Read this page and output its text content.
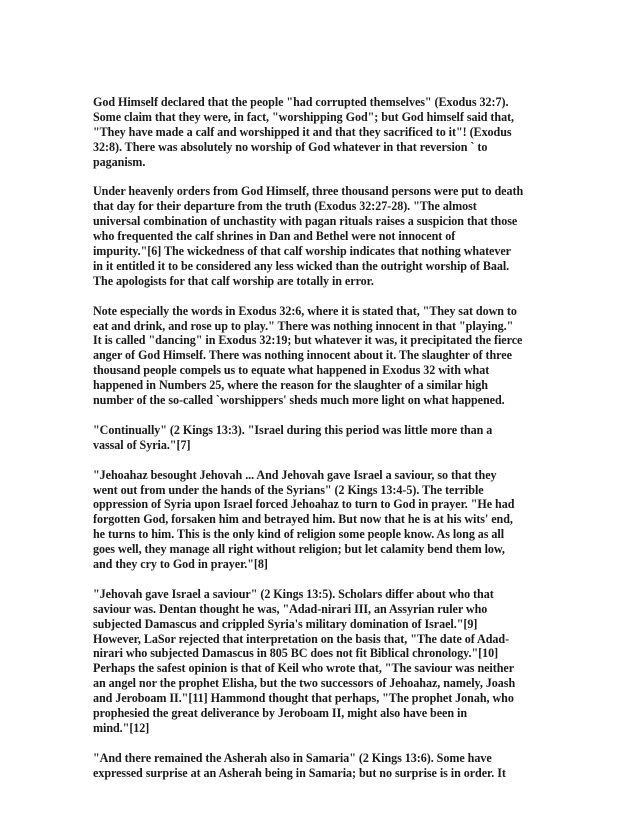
God Himself declared that the people "had corrupted themselves" (Exodus 32:7).
Some claim that they were, in fact, "worshipping God"; but God himself said that,
"They have made a calf and worshipped it and that they sacrificed to it"! (Exodus
32:8). There was absolutely no worship of God whatever in that reversion ` to
paganism.

Under heavenly orders from God Himself, three thousand persons were put to death
that day for their departure from the truth (Exodus 32:27-28). "The almost
universal combination of unchastity with pagan rituals raises a suspicion that those
who frequented the calf shrines in Dan and Bethel were not innocent of
impurity."[6] The wickedness of that calf worship indicates that nothing whatever
in it entitled it to be considered any less wicked than the outright worship of Baal.
The apologists for that calf worship are totally in error.

Note especially the words in Exodus 32:6, where it is stated that, "They sat down to
eat and drink, and rose up to play." There was nothing innocent in that "playing."
It is called "dancing" in Exodus 32:19; but whatever it was, it precipitated the fierce
anger of God Himself. There was nothing innocent about it. The slaughter of three
thousand people compels us to equate what happened in Exodus 32 with what
happened in Numbers 25, where the reason for the slaughter of a similar high
number of the so-called `worshippers' sheds much more light on what happened.

"Continually" (2 Kings 13:3). "Israel during this period was little more than a
vassal of Syria."[7]

"Jehoahaz besought Jehovah ... And Jehovah gave Israel a saviour, so that they
went out from under the hands of the Syrians" (2 Kings 13:4-5). The terrible
oppression of Syria upon Israel forced Jehoahaz to turn to God in prayer. "He had
forgotten God, forsaken him and betrayed him. But now that he is at his wits' end,
he turns to him. This is the only kind of religion some people know. As long as all
goes well, they manage all right without religion; but let calamity bend them low,
and they cry to God in prayer."[8]

"Jehovah gave Israel a saviour" (2 Kings 13:5). Scholars differ about who that
saviour was. Dentan thought he was, "Adad-nirari III, an Assyrian ruler who
subjected Damascus and crippled Syria's military domination of Israel."[9]
However, LaSor rejected that interpretation on the basis that, "The date of Adad-
nirari who subjected Damascus in 805 BC does not fit Biblical chronology."[10]
Perhaps the safest opinion is that of Keil who wrote that, "The saviour was neither
an angel nor the prophet Elisha, but the two successors of Jehoahaz, namely, Joash
and Jeroboam II."[11] Hammond thought that perhaps, "The prophet Jonah, who
prophesied the great deliverance by Jeroboam II, might also have been in
mind."[12]

"And there remained the Asherah also in Samaria" (2 Kings 13:6). Some have
expressed surprise at an Asherah being in Samaria; but no surprise is in order. It
